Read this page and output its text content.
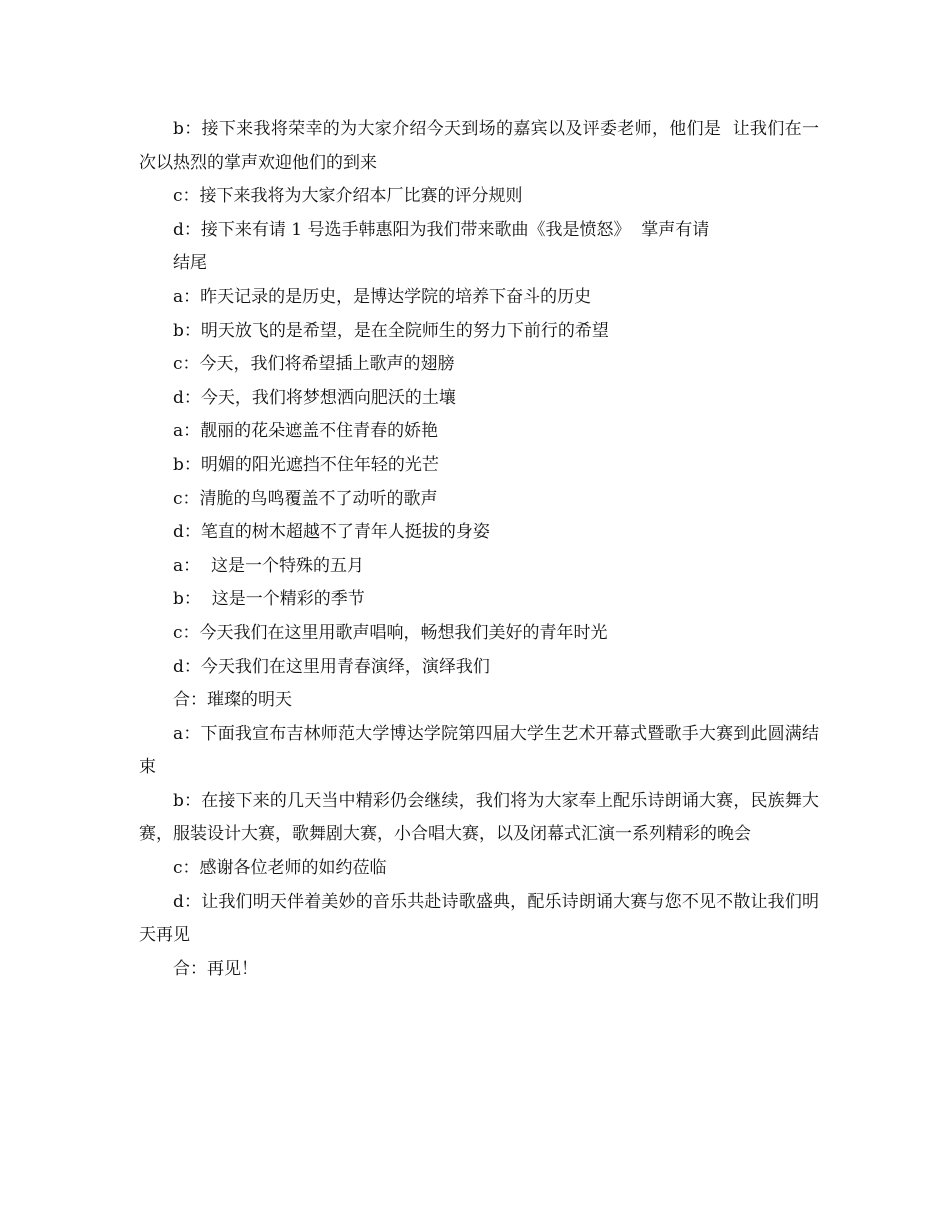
b：接下来我将荣幸的为大家介绍今天到场的嘉宾以及评委老师，他们是  让我们在一次以热烈的掌声欢迎他们的到来

c：接下来我将为大家介绍本厂比赛的评分规则

d：接下来有请 1 号选手韩惠阳为我们带来歌曲《我是愤怒》  掌声有请

结尾

a：昨天记录的是历史，是博达学院的培养下奋斗的历史

b：明天放飞的是希望，是在全院师生的努力下前行的希望

c：今天，我们将希望插上歌声的翅膀

d：今天，我们将梦想洒向肥沃的土壤

a：靓丽的花朵遮盖不住青春的娇艳

b：明媚的阳光遮挡不住年轻的光芒

c：清脆的鸟鸣覆盖不了动听的歌声

d：笔直的树木超越不了青年人挺拔的身姿

a：  这是一个特殊的五月

b：  这是一个精彩的季节

c：今天我们在这里用歌声唱响，畅想我们美好的青年时光

d：今天我们在这里用青春演绎，演绎我们

合：璀璨的明天

a：下面我宣布吉林师范大学博达学院第四届大学生艺术开幕式暨歌手大赛到此圆满结束

b：在接下来的几天当中精彩仍会继续，我们将为大家奉上配乐诗朗诵大赛，民族舞大赛，服装设计大赛，歌舞剧大赛，小合唱大赛，以及闭幕式汇演一系列精彩的晚会

c：感谢各位老师的如约莅临

d：让我们明天伴着美妙的音乐共赴诗歌盛典，配乐诗朗诵大赛与您不见不散让我们明天再见

合：再见！
